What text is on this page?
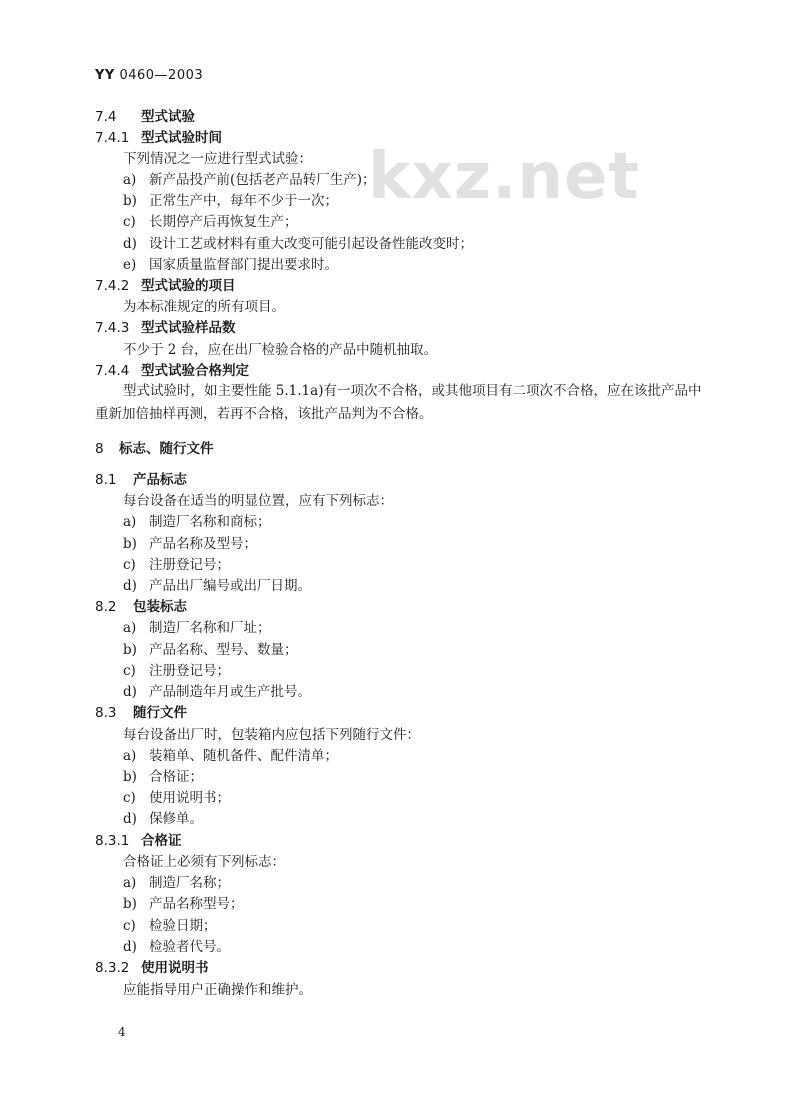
YY 0460—2003
kxz.net
7.4 型式试验
7.4.1 型式试验时间
下列情况之一应进行型式试验：
a) 新产品投产前(包括老产品转厂生产)；
b) 正常生产中，每年不少于一次；
c) 长期停产后再恢复生产；
d) 设计工艺或材料有重大改变可能引起设备性能改变时；
e) 国家质量监督部门提出要求时。
7.4.2 型式试验的项目
为本标准规定的所有项目。
7.4.3 型式试验样品数
不少于 2 台，应在出厂检验合格的产品中随机抽取。
7.4.4 型式试验合格判定
型式试验时，如主要性能 5.1.1a)有一项次不合格，或其他项目有二项次不合格，应在该批产品中重新加倍抽样再测，若再不合格，该批产品判为不合格。
8 标志、随行文件
8.1 产品标志
每台设备在适当的明显位置，应有下列标志：
a) 制造厂名称和商标；
b) 产品名称及型号；
c) 注册登记号；
d) 产品出厂编号或出厂日期。
8.2 包装标志
a) 制造厂名称和厂址；
b) 产品名称、型号、数量；
c) 注册登记号；
d) 产品制造年月或生产批号。
8.3 随行文件
每台设备出厂时，包装箱内应包括下列随行文件：
a) 装箱单、随机备件、配件清单；
b) 合格证；
c) 使用说明书；
d) 保修单。
8.3.1 合格证
合格证上必须有下列标志：
a) 制造厂名称；
b) 产品名称型号；
c) 检验日期；
d) 检验者代号。
8.3.2 使用说明书
应能指导用户正确操作和维护。
4
